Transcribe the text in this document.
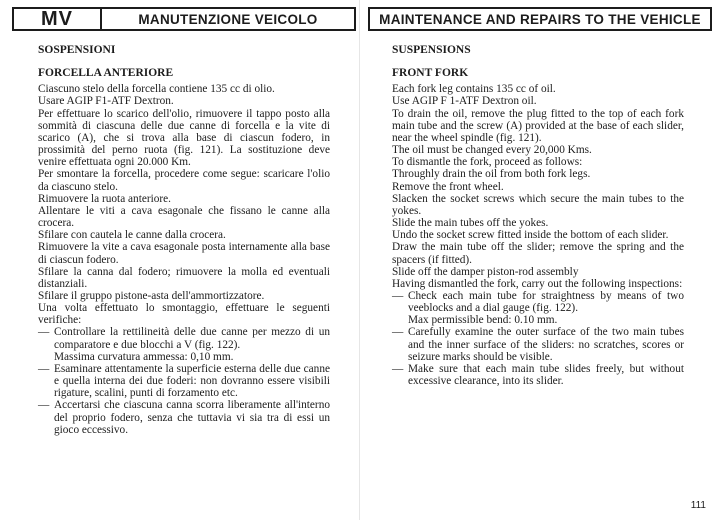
MV	MANUTENZIONE VEICOLO
SOSPENSIONI
FORCELLA ANTERIORE

Ciascuno stelo della forcella contiene 135 cc di olio.

Usare AGIP F1-ATF Dextron.

Per effettuare lo scarico dell'olio, rimuovere il tappo posto alla sommità di ciascuna delle due canne di forcella e la vite di scarico (A), che si trova alla base di ciascun fodero, in prossimità del perno ruota (fig. 121). La sostituzione deve venire effettuata ogni 20.000 Km.

Per smontare la forcella, procedere come segue: scaricare l'olio da ciascuno stelo.

Rimuovere la ruota anteriore.

Allentare le viti a cava esagonale che fissano le canne alla crocera.

Sfilare con cautela le canne dalla crocera.

Rimuovere la vite a cava esagonale posta internamente alla base di ciascun fodero.

Sfilare la canna dal fodero; rimuovere la molla ed eventuali distanziali.

Sfilare il gruppo pistone-asta dell'ammortizzatore.

Una volta effettuato lo smontaggio, effettuare le seguenti verifiche:

— Controllare la rettilineità delle due canne per mezzo di un comparatore e due blocchi a V (fig. 122).

Massima curvatura ammessa: 0,10 mm.

— Esaminare attentamente la superficie esterna delle due canne e quella interna dei due foderi: non dovranno essere visibili rigature, scalini, punti di forzamento etc.
— Accertarsi che ciascuna canna scorra liberamente all'interno del proprio fodero, senza che tuttavia vi sia tra di essi un gioco eccessivo.
MAINTENANCE AND REPAIRS TO THE VEHICLE
SUSPENSIONS
FRONT FORK

Each fork leg contains 135 cc of oil.

Use AGIP F 1-ATF Dextron oil.

To drain the oil, remove the plug fitted to the top of each fork main tube and the screw (A) provided at the base of each slider, near the wheel spindle (fig. 121).

The oil must be changed every 20,000 Kms.

To dismantle the fork, proceed as follows:

Throughly drain the oil from both fork legs.

Remove the front wheel.

Slacken the socket screws which secure the main tubes to the yokes.

Slide the main tubes off the yokes.

Undo the socket screw fitted inside the bottom of each slider.

Draw the main tube off the slider; remove the spring and the spacers (if fitted).

Slide off the damper piston-rod assembly

Having dismantled the fork, carry out the following inspections:

— Check each main tube for straightness by means of two veeblocks and a dial gauge (fig. 122).

Max permissible bend: 0.10 mm.

— Carefully examine the outer surface of the two main tubes and the inner surface of the sliders: no scratches, scores or seizure marks should be visible.
— Make sure that each main tube slides freely, but without excessive clearance, into its slider.
111
